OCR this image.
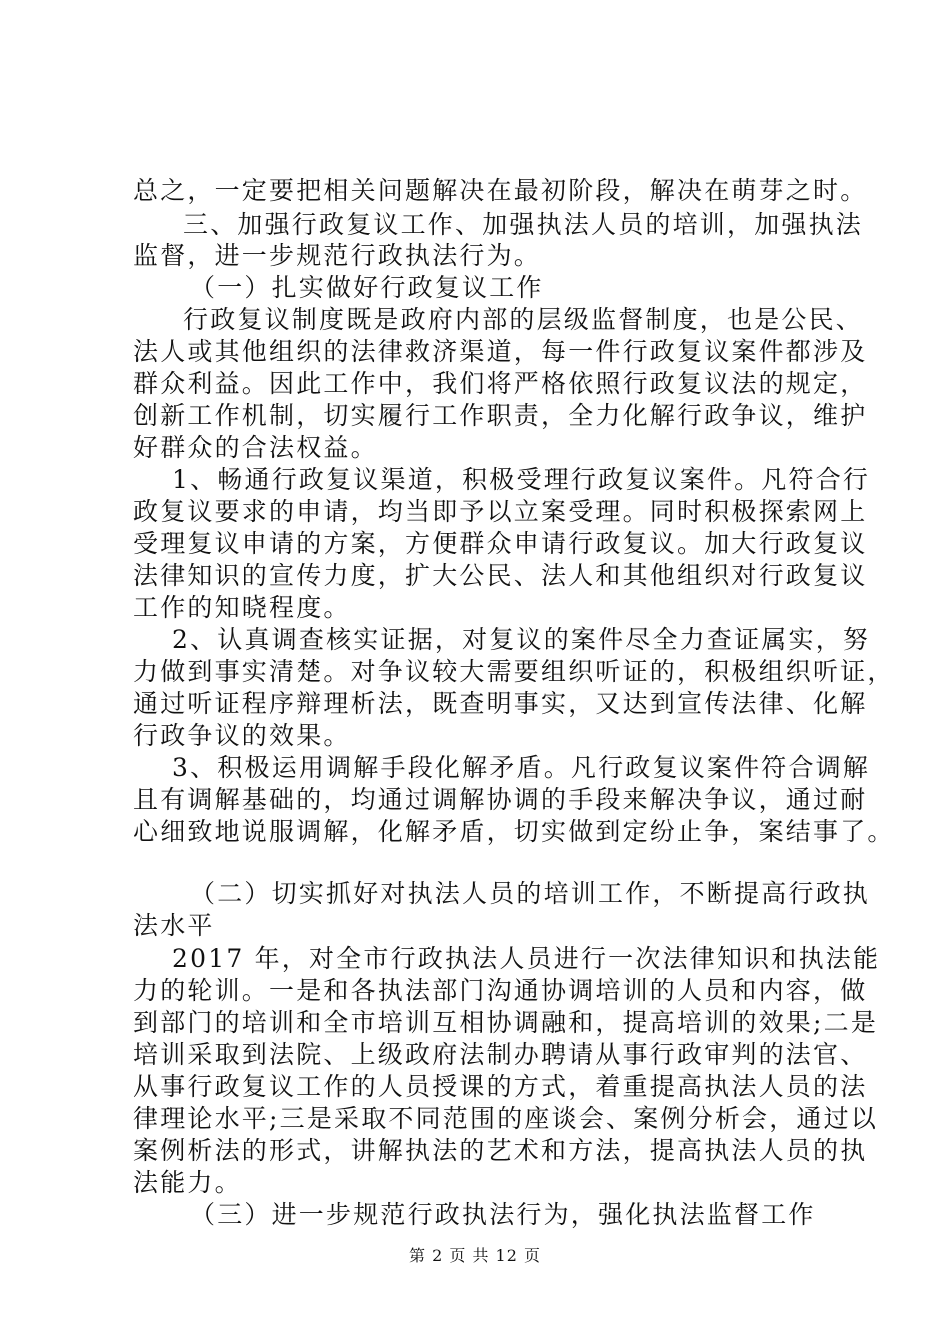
总之，一定要把相关问题解决在最初阶段，解决在萌芽之时。
三、加强行政复议工作、加强执法人员的培训，加强执法
监督，进一步规范行政执法行为。
（一）扎实做好行政复议工作
行政复议制度既是政府内部的层级监督制度，也是公民、
法人或其他组织的法律救济渠道，每一件行政复议案件都涉及
群众利益。因此工作中，我们将严格依照行政复议法的规定，
创新工作机制，切实履行工作职责，全力化解行政争议，维护
好群众的合法权益。
1、畅通行政复议渠道，积极受理行政复议案件。凡符合行
政复议要求的申请，均当即予以立案受理。同时积极探索网上
受理复议申请的方案，方便群众申请行政复议。加大行政复议
法律知识的宣传力度，扩大公民、法人和其他组织对行政复议
工作的知晓程度。
2、认真调查核实证据，对复议的案件尽全力查证属实，努
力做到事实清楚。对争议较大需要组织听证的，积极组织听证，
通过听证程序辩理析法，既查明事实，又达到宣传法律、化解
行政争议的效果。
3、积极运用调解手段化解矛盾。凡行政复议案件符合调解
且有调解基础的，均通过调解协调的手段来解决争议，通过耐
心细致地说服调解，化解矛盾，切实做到定纷止争，案结事了。
（二）切实抓好对执法人员的培训工作，不断提高行政执
法水平
2017 年，对全市行政执法人员进行一次法律知识和执法能
力的轮训。一是和各执法部门沟通协调培训的人员和内容，做
到部门的培训和全市培训互相协调融和，提高培训的效果;二是
培训采取到法院、上级政府法制办聘请从事行政审判的法官、
从事行政复议工作的人员授课的方式，着重提高执法人员的法
律理论水平;三是采取不同范围的座谈会、案例分析会，通过以
案例析法的形式，讲解执法的艺术和方法，提高执法人员的执
法能力。
（三）进一步规范行政执法行为，强化执法监督工作
第 2 页 共 12 页
